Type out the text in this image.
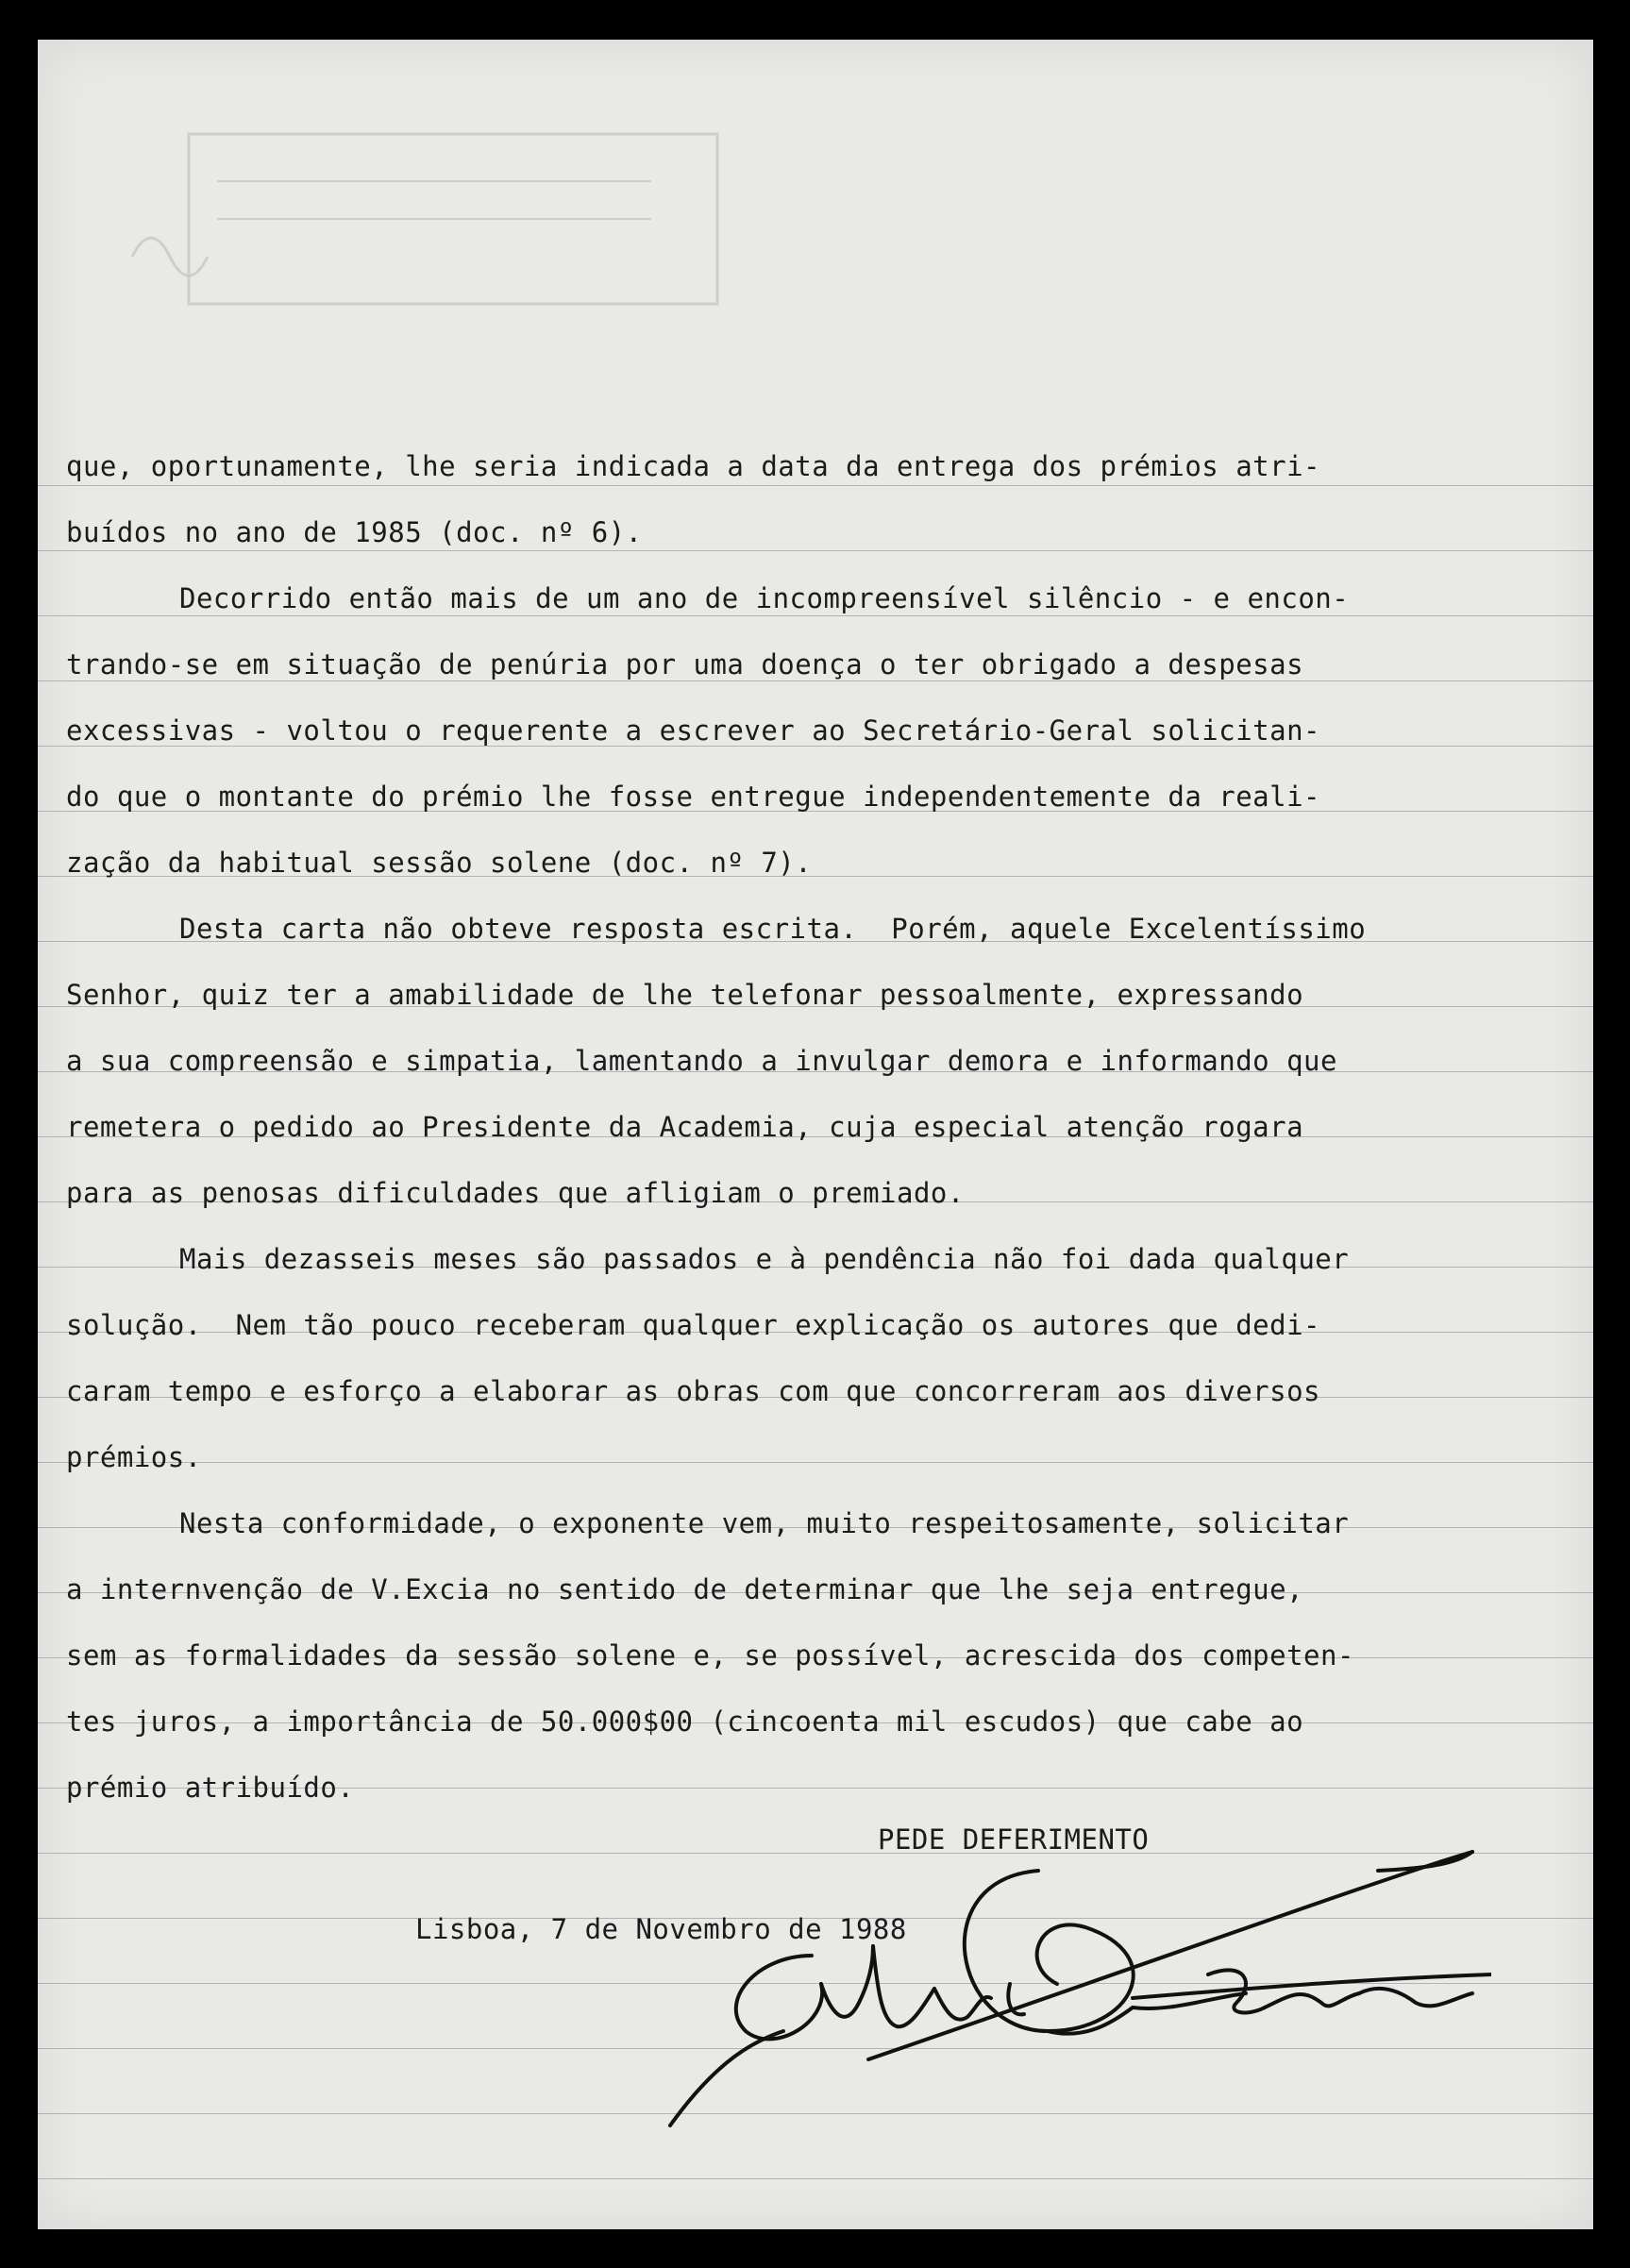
que, oportunamente, lhe seria indicada a data da entrega dos prémios atri-
buídos no ano de 1985 (doc. nº 6).
Decorrido então mais de um ano de incompreensível silêncio - e encon-
trando-se em situação de penúria por uma doença o ter obrigado a despesas
excessivas - voltou o requerente a escrever ao Secretário-Geral solicitan-
do que o montante do prémio lhe fosse entregue independentemente da reali-
zação da habitual sessão solene (doc. nº 7).
Desta carta não obteve resposta escrita.  Porém, aquele Excelentíssimo
Senhor, quiz ter a amabilidade de lhe telefonar pessoalmente, expressando
a sua compreensão e simpatia, lamentando a invulgar demora e informando que
remetera o pedido ao Presidente da Academia, cuja especial atenção rogara
para as penosas dificuldades que afligiam o premiado.
Mais dezasseis meses são passados e à pendência não foi dada qualquer
solução.  Nem tão pouco receberam qualquer explicação os autores que dedi-
caram tempo e esforço a elaborar as obras com que concorreram aos diversos
prémios.
Nesta conformidade, o exponente vem, muito respeitosamente, solicitar
a internvenção de V.Excia no sentido de determinar que lhe seja entregue,
sem as formalidades da sessão solene e, se possível, acrescida dos competen-
tes juros, a importância de 50.000$00 (cincoenta mil escudos) que cabe ao
prémio atribuído.
PEDE DEFERIMENTO
Lisboa, 7 de Novembro de 1988
